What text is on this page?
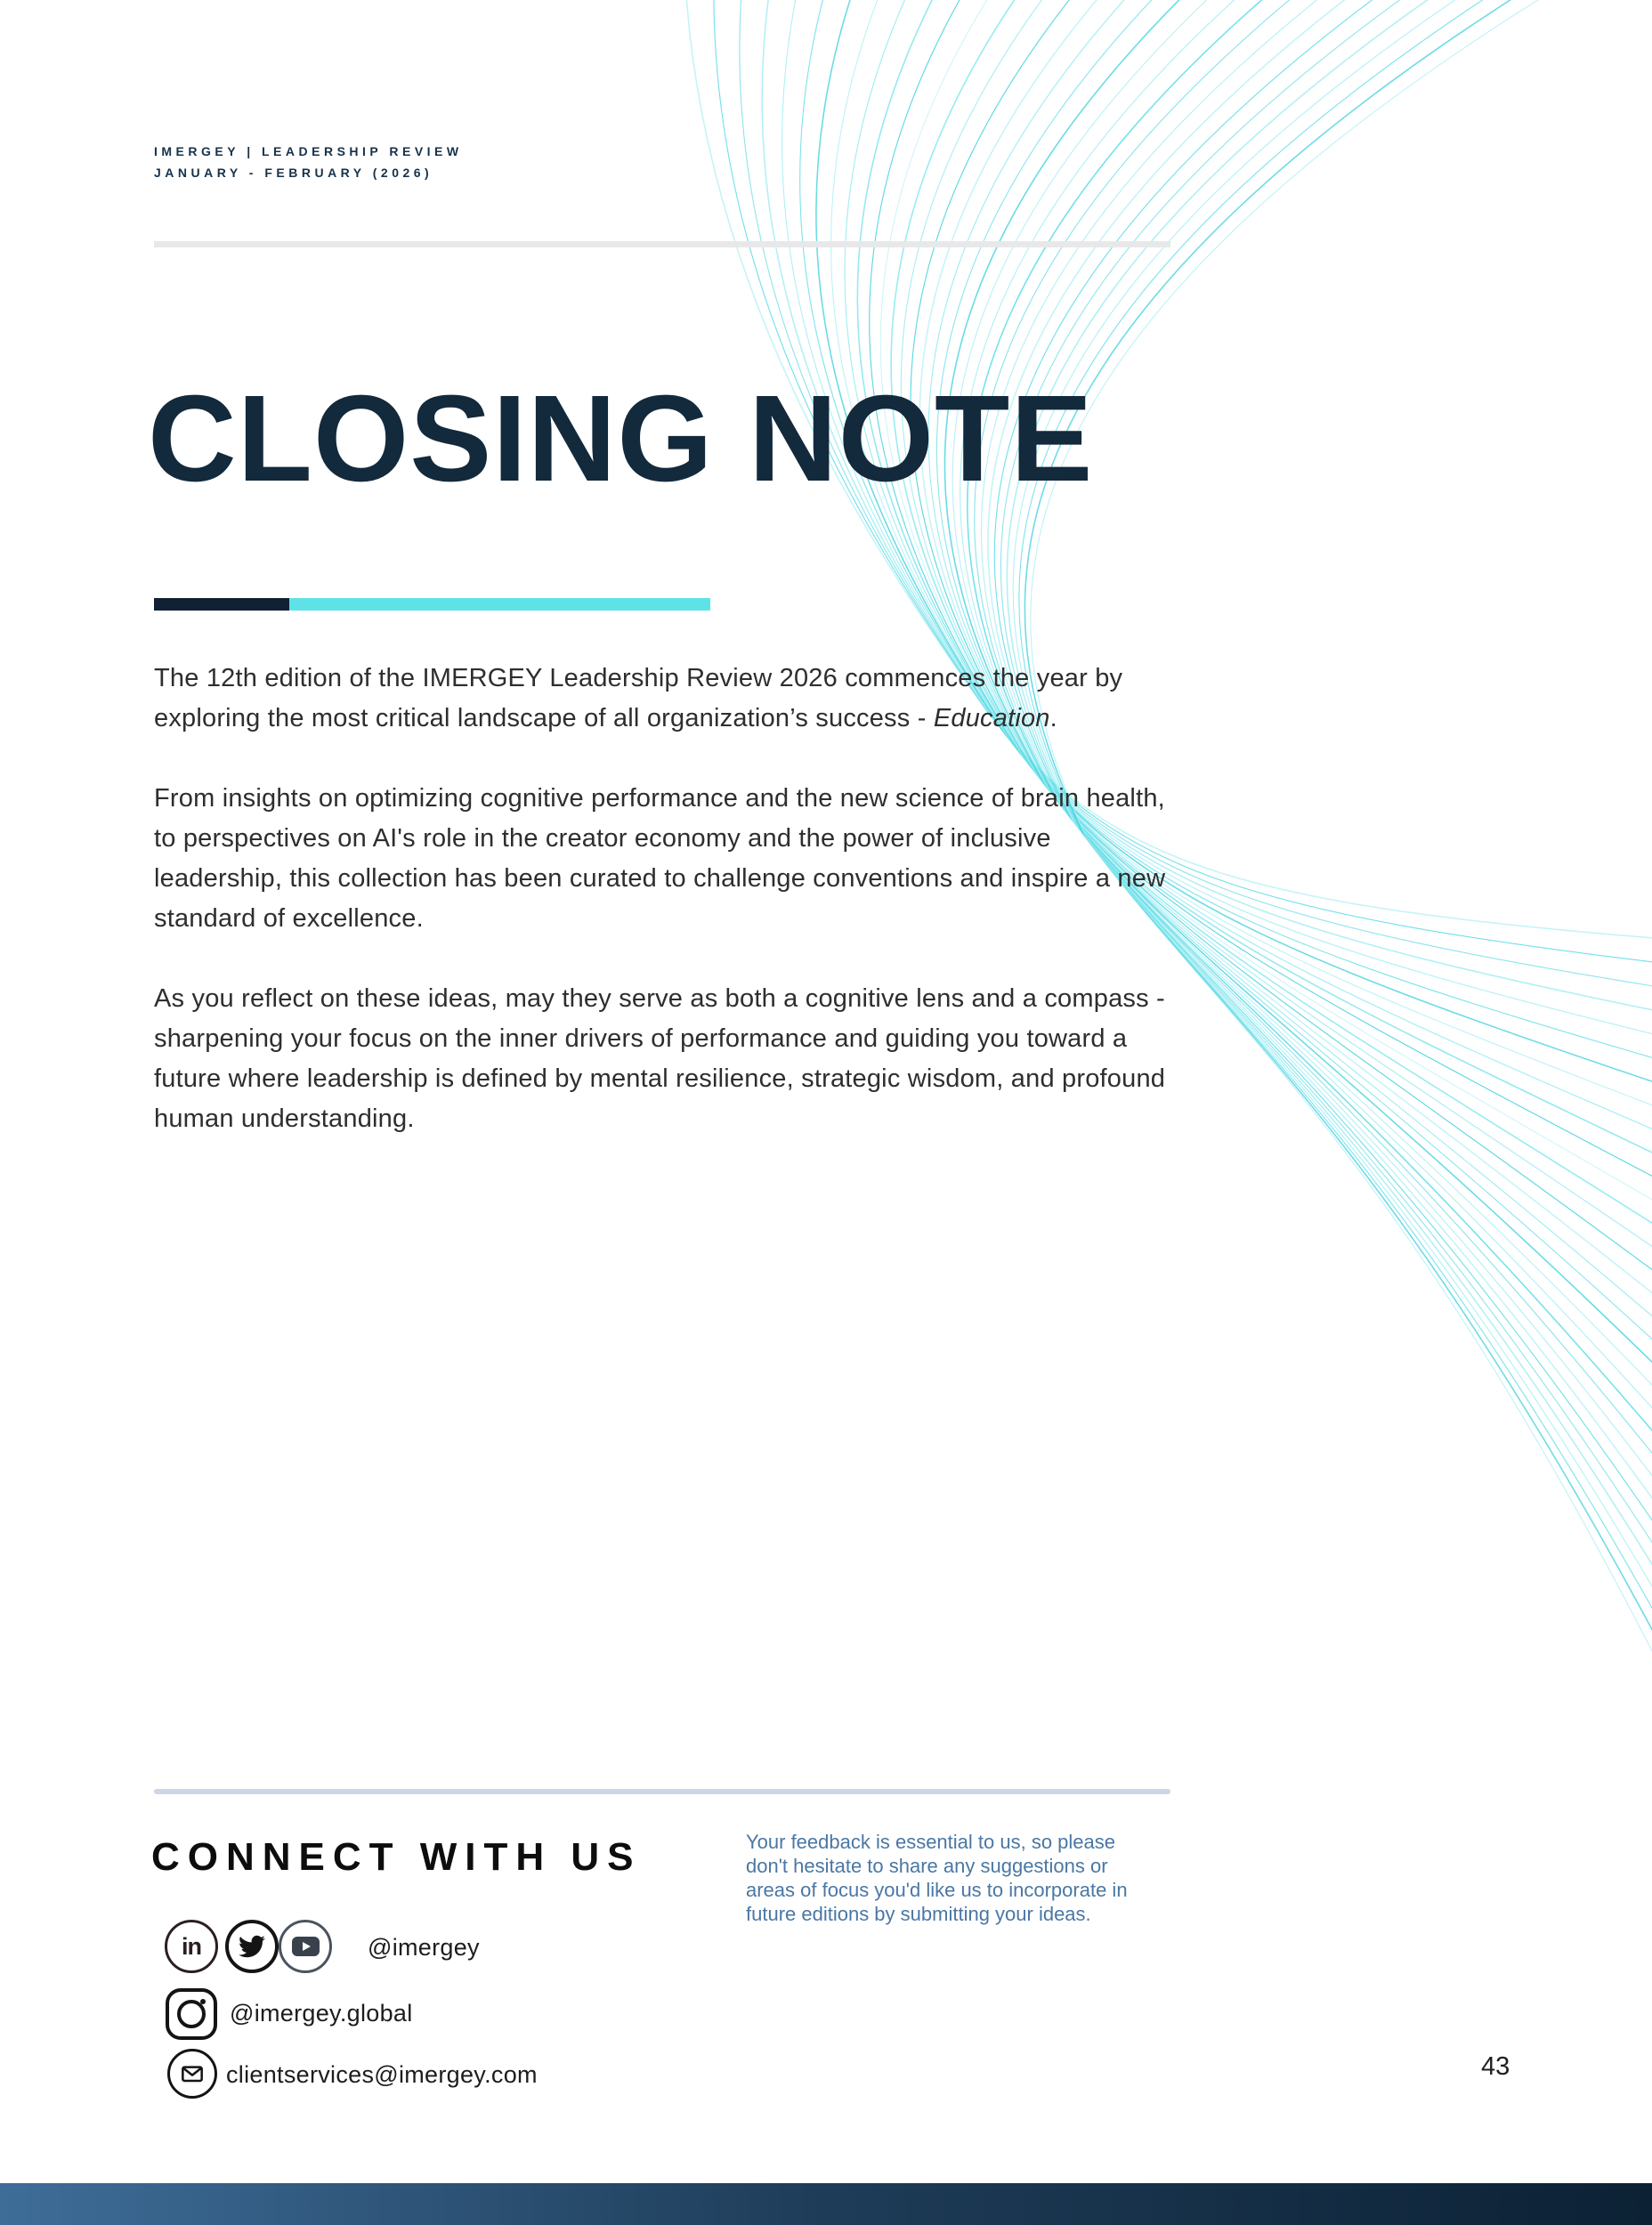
IMERGEY | LEADERSHIP REVIEW
JANUARY - FEBRUARY (2026)
CLOSING NOTE

The 12th edition of the IMERGEY Leadership Review 2026 commences the year by exploring the most critical landscape of all organization’s success - Education.

From insights on optimizing cognitive performance and the new science of brain health, to perspectives on AI's role in the creator economy and the power of inclusive leadership, this collection has been curated to challenge conventions and inspire a new standard of excellence.

As you reflect on these ideas, may they serve as both a cognitive lens and a compass - sharpening your focus on the inner drivers of performance and guiding you toward a future where leadership is defined by mental resilience, strategic wisdom, and profound human understanding.

CONNECT WITH US	Your feedback is essential to us, so please don't hesitate to share any suggestions or areas of focus you'd like us to incorporate in future editions by submitting your ideas.
in	@imergey
@imergey.global
clientservices@imergey.com	43
